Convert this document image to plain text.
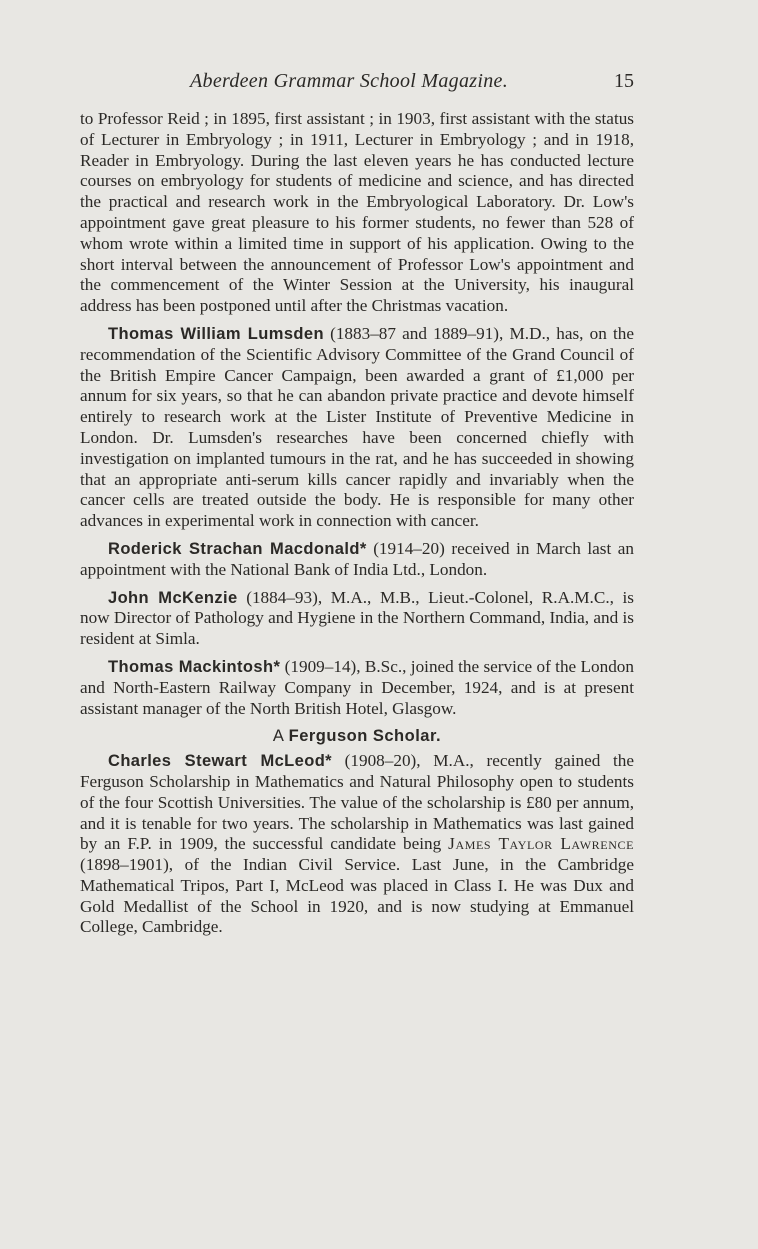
Aberdeen Grammar School Magazine.	15

to Professor Reid ; in 1895, first assistant ; in 1903, first assistant with the status of Lecturer in Embryology ; in 1911, Lecturer in Embryology ; and in 1918, Reader in Embryology. During the last eleven years he has conducted lecture courses on embryology for students of medicine and science, and has directed the practical and research work in the Embryological Laboratory. Dr. Low's appointment gave great pleasure to his former students, no fewer than 528 of whom wrote within a limited time in support of his application. Owing to the short interval between the announcement of Professor Low's appointment and the commencement of the Winter Session at the University, his inaugural address has been postponed until after the Christmas vacation.

Thomas William Lumsden (1883–87 and 1889–91), M.D., has, on the recommendation of the Scientific Advisory Committee of the Grand Council of the British Empire Cancer Campaign, been awarded a grant of £1,000 per annum for six years, so that he can abandon private practice and devote himself entirely to research work at the Lister Institute of Preventive Medicine in London. Dr. Lumsden's researches have been concerned chiefly with investigation on implanted tumours in the rat, and he has succeeded in showing that an appropriate anti-serum kills cancer rapidly and invariably when the cancer cells are treated outside the body. He is responsible for many other advances in experimental work in connection with cancer.

Roderick Strachan Macdonald* (1914–20) received in March last an appointment with the National Bank of India Ltd., London.

John McKenzie (1884–93), M.A., M.B., Lieut.-Colonel, R.A.M.C., is now Director of Pathology and Hygiene in the Northern Command, India, and is resident at Simla.

Thomas Mackintosh* (1909–14), B.Sc., joined the service of the London and North-Eastern Railway Company in December, 1924, and is at present assistant manager of the North British Hotel, Glasgow.

A Ferguson Scholar.

Charles Stewart McLeod* (1908–20), M.A., recently gained the Ferguson Scholarship in Mathematics and Natural Philosophy open to students of the four Scottish Universities. The value of the scholarship is £80 per annum, and it is tenable for two years. The scholarship in Mathematics was last gained by an F.P. in 1909, the successful candidate being James Taylor Lawrence (1898–1901), of the Indian Civil Service. Last June, in the Cambridge Mathematical Tripos, Part I, McLeod was placed in Class I. He was Dux and Gold Medallist of the School in 1920, and is now studying at Emmanuel College, Cambridge.
